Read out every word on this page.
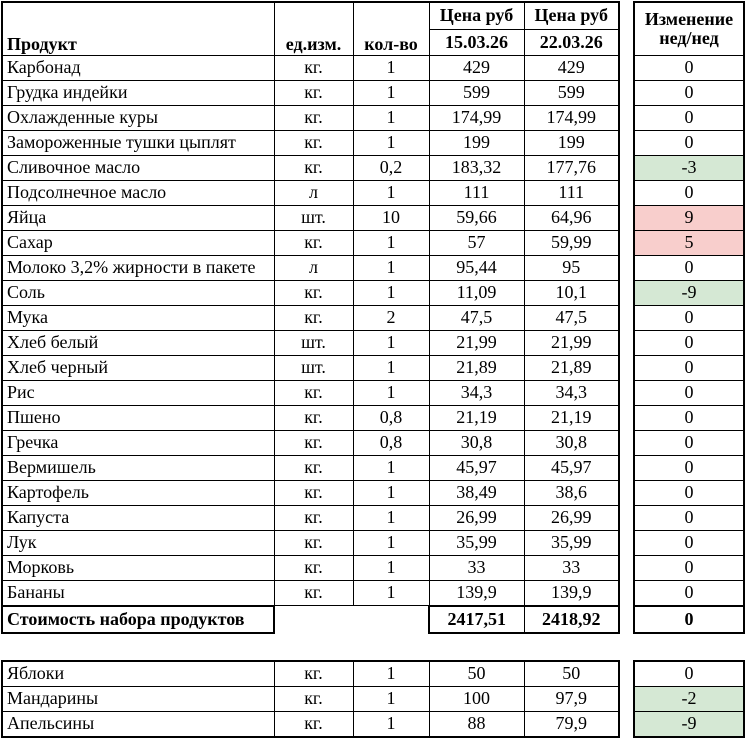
Продукт	ед.изм.	кол-во	Цена руб	Цена руб		Изменение
нед/нед

			15.03.26	22.03.26		
Карбонад	кг.	1	429	429		0
Грудка индейки	кг.	1	599	599		0
Охлажденные куры	кг.	1	174,99	174,99		0
Замороженные тушки цыплят	кг.	1	199	199		0
Сливочное масло	кг.	0,2	183,32	177,76		-3
Подсолнечное масло	л	1	111	111		0
Яйца	шт.	10	59,66	64,96		9
Сахар	кг.	1	57	59,99		5
Молоко 3,2% жирности в пакете	л	1	95,44	95		0
Соль	кг.	1	11,09	10,1		-9
Мука	кг.	2	47,5	47,5		0
Хлеб белый	шт.	1	21,99	21,99		0
Хлеб черный	шт.	1	21,89	21,89		0
Рис	кг.	1	34,3	34,3		0
Пшено	кг.	0,8	21,19	21,19		0
Гречка	кг.	0,8	30,8	30,8		0
Вермишель	кг.	1	45,97	45,97		0
Картофель	кг.	1	38,49	38,6		0
Капуста	кг.	1	26,99	26,99		0
Лук	кг.	1	35,99	35,99		0
Морковь	кг.	1	33	33		0
Бананы	кг.	1	139,9	139,9		0
Стоимость набора продуктов			2417,51	2418,92		0
Яблоки	кг.	1	50	50		0
Мандарины	кг.	1	100	97,9		-2
Апельсины	кг.	1	88	79,9		-9
